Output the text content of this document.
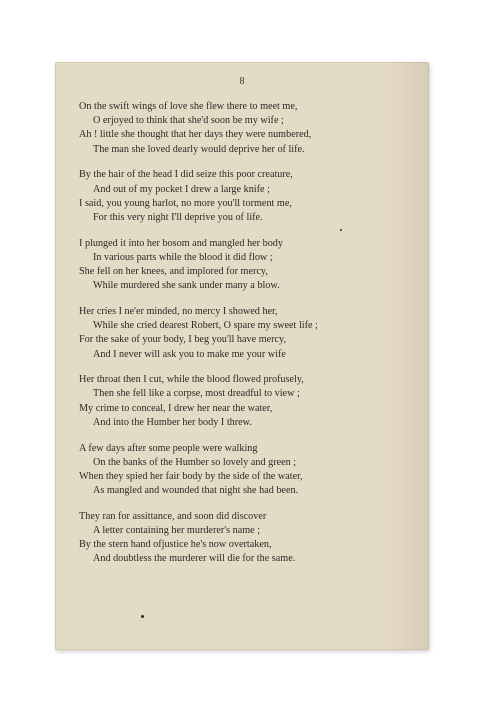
8
On the swift wings of love she flew there to meet me,
O erjoyed to think that she'd soon be my wife ;
Ah ! little she thought that her days they were numbered,
The man she loved dearly would deprive her of life.
By the hair of the head I did seize this poor creature,
And out of my pocket I drew a large knife ;
I said, you young harlot, no more you'll torment me,
For this very night I'll deprive you of life.
I plunged it into her bosom and mangled her body
In various parts while the blood it did flow ;
She fell on her knees, and implored for mercy,
While murdered she sank under many a blow.
Her cries I ne'er minded, no mercy I showed her,
While she cried dearest Robert, O spare my sweet life ;
For the sake of your body, I beg you'll have mercy,
And I never will ask you to make me your wife
Her throat then I cut, while the blood flowed profusely,
Then she fell like a corpse, most dreadful to view ;
My crime to conceal, I drew her near the water,
And into the Humber her body I threw.
A few days after some people were walking
On the banks of the Humber so lovely and green ;
When they spied her fair body by the side of the water,
As mangled and wounded that night she had been.
They ran for assittance, and soon did discover
A letter containing her murderer's name ;
By the stern hand ofjustice he's now overtaken,
And doubtless the murderer will die for the same.
